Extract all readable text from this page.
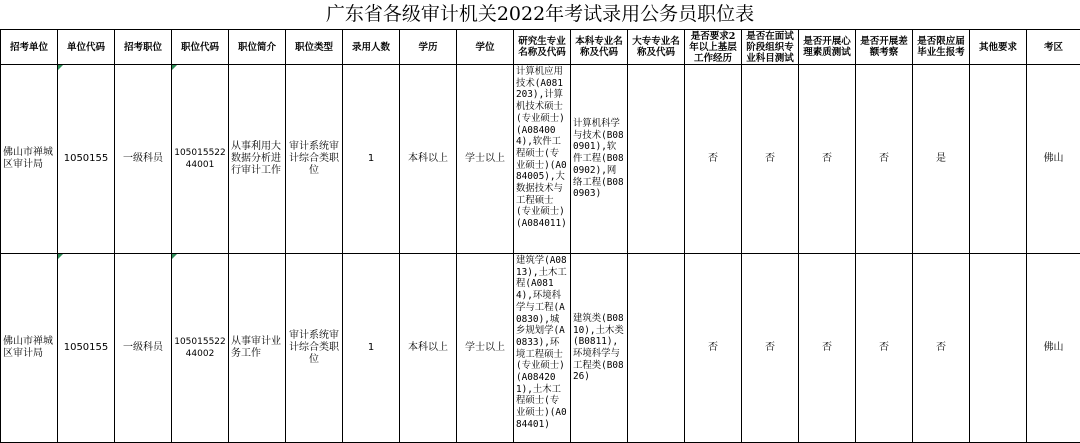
广东省各级审计机关2022年考试录用公务员职位表
招考单位	单位代码	招考职位	职位代码	职位简介	职位类型	录用人数	学历	学位	研究生专业名称及代码	本科专业名称及代码	大专专业名称及代码	是否要求2年以上基层工作经历	是否在面试阶段组织专业科目测试	是否开展心理素质测试	是否开展差额考察	是否限应届毕业生报考	其他要求	考区
佛山市禅城区审计局	1050155	一级科员	10501552244001	从事利用大数据分析进行审计工作	审计系统审计综合类职位	1	本科以上	学士以上	计算机应用技术(A081203),计算机技术硕士(专业硕士)(A084004),软件工程硕士(专业硕士)(A084005),大数据技术与工程硕士(专业硕士)(A084011)	计算机科学与技术(B080901),软件工程(B080902),网络工程(B080903)		否	否	否	否	是		佛山
佛山市禅城区审计局	1050155	一级科员	10501552244002	从事审计业务工作	审计系统审计综合类职位	1	本科以上	学士以上	建筑学(A0813),土木工程(A0814),环境科学与工程(A0830),城乡规划学(A0833),环境工程硕士(专业硕士)(A084201),土木工程硕士(专业硕士)(A084401)	建筑类(B0810),土木类(B0811),环境科学与工程类(B0826)		否	否	否	否	否		佛山
